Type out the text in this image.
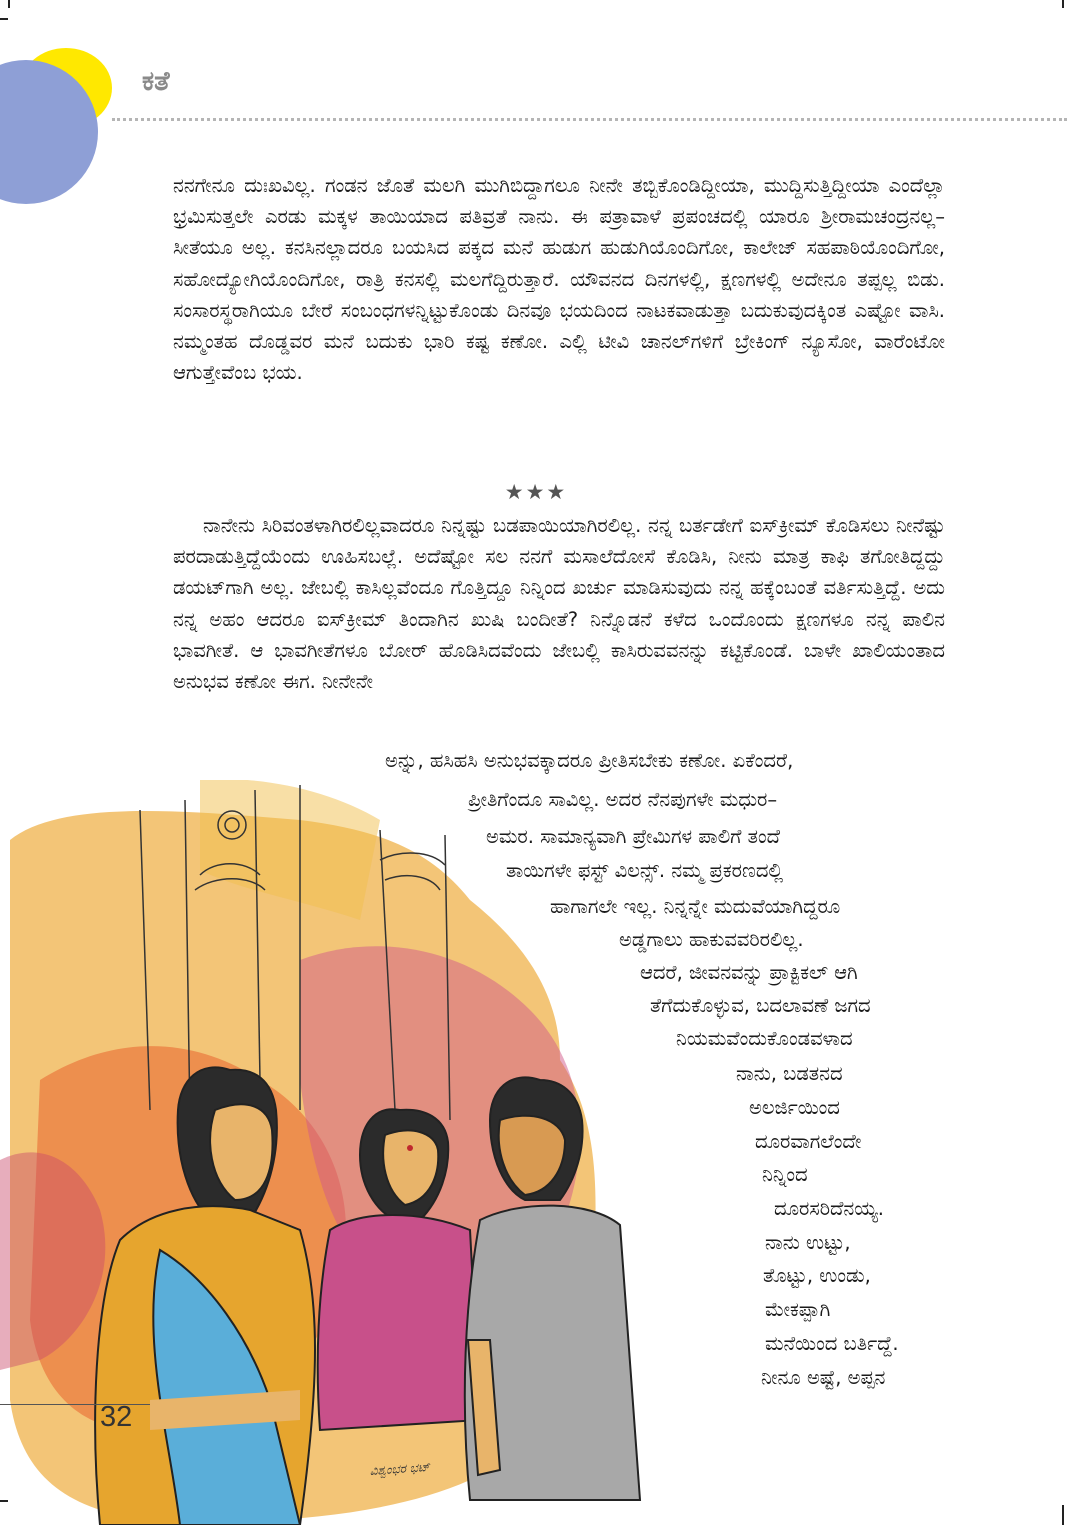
ಕತೆ

ನನಗೇನೂ ದುಃಖವಿಲ್ಲ. ಗಂಡನ ಜೊತೆ ಮಲಗಿ ಮುಗಿಬಿದ್ದಾಗಲೂ ನೀನೇ ತಬ್ಬಿಕೊಂಡಿದ್ದೀಯಾ, ಮುದ್ದಿಸುತ್ತಿದ್ದೀಯಾ ಎಂದೆಲ್ಲಾ ಭ್ರಮಿಸುತ್ತಲೇ ಎರಡು ಮಕ್ಕಳ ತಾಯಿಯಾದ ಪತಿವ್ರತೆ ನಾನು. ಈ ಪತ್ರಾವಾಳೆ ಪ್ರಪಂಚದಲ್ಲಿ ಯಾರೂ ಶ್ರೀರಾಮಚಂದ್ರನಲ್ಲ–ಸೀತೆಯೂ ಅಲ್ಲ. ಕನಸಿನಲ್ಲಾದರೂ ಬಯಸಿದ ಪಕ್ಕದ ಮನೆ ಹುಡುಗ ಹುಡುಗಿಯೊಂದಿಗೋ, ಕಾಲೇಜ್ ಸಹಪಾಠಿಯೊಂದಿಗೋ, ಸಹೋದ್ಯೋಗಿಯೊಂದಿಗೋ, ರಾತ್ರಿ ಕನಸಲ್ಲಿ ಮಲಗೆದ್ದಿರುತ್ತಾರೆ. ಯೌವನದ ದಿನಗಳಲ್ಲಿ, ಕ್ಷಣಗಳಲ್ಲಿ ಅದೇನೂ ತಪ್ಪಲ್ಲ ಬಿಡು. ಸಂಸಾರಸ್ಥರಾಗಿಯೂ ಬೇರೆ ಸಂಬಂಧಗಳನ್ನಿಟ್ಟುಕೊಂಡು ದಿನವೂ ಭಯದಿಂದ ನಾಟಕವಾಡುತ್ತಾ ಬದುಕುವುದಕ್ಕಿಂತ ಎಷ್ಟೋ ವಾಸಿ. ನಮ್ಮಂತಹ ದೊಡ್ಡವರ ಮನೆ ಬದುಕು ಭಾರಿ ಕಷ್ಟ ಕಣೋ. ಎಲ್ಲಿ ಟೀವಿ ಚಾನಲ್‌ಗಳಿಗೆ ಬ್ರೇಕಿಂಗ್ ನ್ಯೂಸೋ, ವಾರೆಂಟೋ ಆಗುತ್ತೇವೆಂಬ ಭಯ.

★★★

ನಾನೇನು ಸಿರಿವಂತಳಾಗಿರಲಿಲ್ಲವಾದರೂ ನಿನ್ನಷ್ಟು ಬಡಪಾಯಿಯಾಗಿರಲಿಲ್ಲ. ನನ್ನ ಬರ್ತಡೇಗೆ ಐಸ್‌ಕ್ರೀಮ್ ಕೊಡಿಸಲು ನೀನೆಷ್ಟು ಪರದಾಡುತ್ತಿದ್ದೆಯೆಂದು ಊಹಿಸಬಲ್ಲೆ. ಅದೆಷ್ಟೋ ಸಲ ನನಗೆ ಮಸಾಲೆದೋಸೆ ಕೊಡಿಸಿ, ನೀನು ಮಾತ್ರ ಕಾಫಿ ತಗೋತಿದ್ದದ್ದು ಡಯಟ್‌ಗಾಗಿ ಅಲ್ಲ. ಜೇಬಲ್ಲಿ ಕಾಸಿಲ್ಲವೆಂದೂ ಗೊತ್ತಿದ್ದೂ ನಿನ್ನಿಂದ ಖರ್ಚು ಮಾಡಿಸುವುದು ನನ್ನ ಹಕ್ಕೆಂಬಂತೆ ವರ್ತಿಸುತ್ತಿದ್ದೆ. ಅದು ನನ್ನ ಅಹಂ ಆದರೂ ಐಸ್‌ಕ್ರೀಮ್ ತಿಂದಾಗಿನ ಖುಷಿ ಬಂದೀತೆ? ನಿನ್ನೊಡನೆ ಕಳೆದ ಒಂದೊಂದು ಕ್ಷಣಗಳೂ ನನ್ನ ಪಾಲಿನ ಭಾವಗೀತೆ. ಆ ಭಾವಗೀತೆಗಳೂ ಬೋರ್ ಹೊಡಿಸಿದವೆಂದು ಜೇಬಲ್ಲಿ ಕಾಸಿರುವವನನ್ನು ಕಟ್ಟಿಕೊಂಡೆ. ಬಾಳೇ ಖಾಲಿಯಂತಾದ ಅನುಭವ ಕಣೋ ಈಗ. ನೀನೇನೇ

ವಿಶ್ವಂಭರ ಭಟ್
ಅನ್ನು, ಹಸಿಹಸಿ ಅನುಭವಕ್ಕಾದರೂ ಪ್ರೀತಿಸಬೇಕು ಕಣೋ. ಏಕೆಂದರೆ,
ಪ್ರೀತಿಗೆಂದೂ ಸಾವಿಲ್ಲ. ಅದರ ನೆನಪುಗಳೇ ಮಧುರ–
ಅಮರ. ಸಾಮಾನ್ಯವಾಗಿ ಪ್ರೇಮಿಗಳ ಪಾಲಿಗೆ ತಂದೆ
ತಾಯಿಗಳೇ ಫಸ್ಟ್ ವಿಲನ್ಸ್. ನಮ್ಮ ಪ್ರಕರಣದಲ್ಲಿ
ಹಾಗಾಗಲೇ ಇಲ್ಲ. ನಿನ್ನನ್ನೇ ಮದುವೆಯಾಗಿದ್ದರೂ
ಅಡ್ಡಗಾಲು ಹಾಕುವವರಿರಲಿಲ್ಲ.
ಆದರೆ, ಜೀವನವನ್ನು ಪ್ರಾಕ್ಟಿಕಲ್ ಆಗಿ
ತೆಗೆದುಕೊಳ್ಳುವ, ಬದಲಾವಣೆ ಜಗದ
ನಿಯಮವೆಂದುಕೊಂಡವಳಾದ
ನಾನು, ಬಡತನದ
ಅಲರ್ಜಿಯಿಂದ
ದೂರವಾಗಲೆಂದೇ
ನಿನ್ನಿಂದ
ದೂರಸರಿದೆನಯ್ಯ.
ನಾನು ಉಟ್ಟು,
ತೊಟ್ಟು, ಉಂಡು,
ಮೇಕಪ್ಪಾಗಿ
ಮನೆಯಿಂದ ಬರ್ತಿದ್ದೆ.
ನೀನೂ ಅಷ್ಟೆ, ಅಪ್ಪನ
32
